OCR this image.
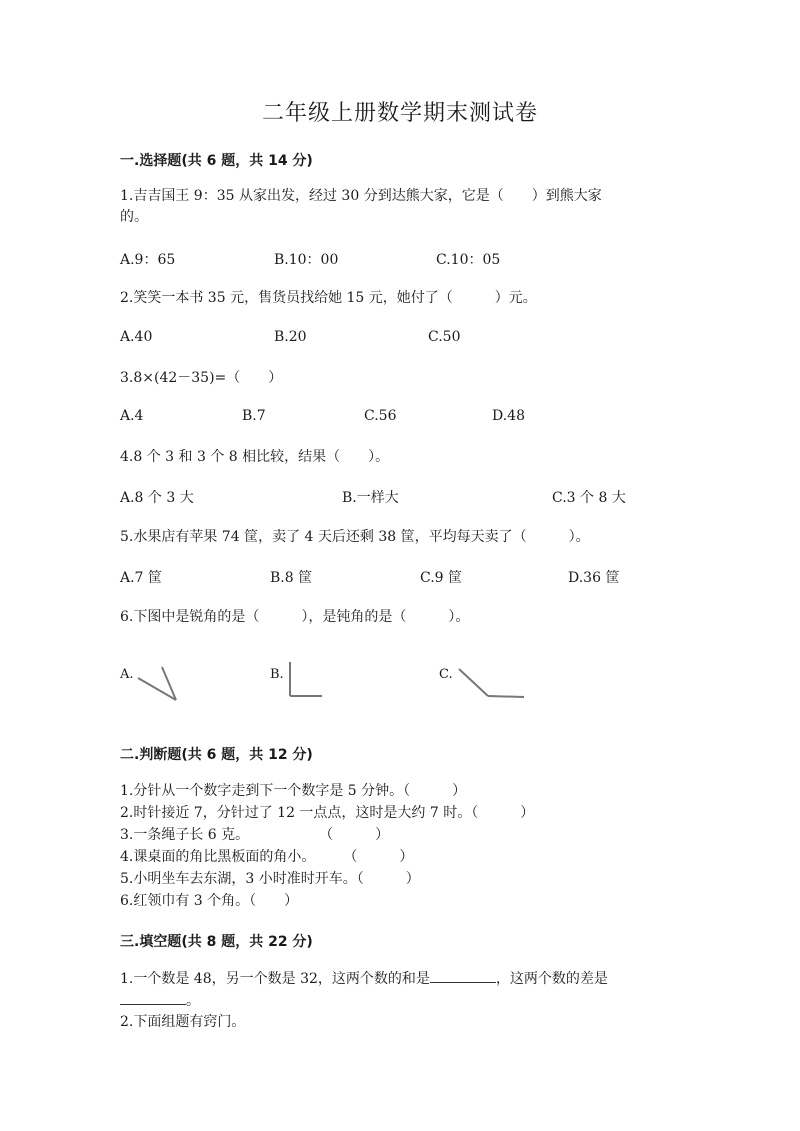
二年级上册数学期末测试卷
一.选择题(共 6 题，共 14 分)
1.吉吉国王 9：35 从家出发，经过 30 分到达熊大家，它是（　　）到熊大家
的。
A.9：65	B.10：00	C.10：05
2.笑笑一本书 35 元，售货员找给她 15 元，她付了（　　　）元。
A.40	B.20	C.50
3.8×(42－35)=（　　）
A.4	B.7	C.56	D.48
4.8 个 3 和 3 个 8 相比较，结果（　　）。
A.8 个 3 大	B.一样大	C.3 个 8 大
5.水果店有苹果 74 筐，卖了 4 天后还剩 38 筐，平均每天卖了（　　　）。
A.7 筐	B.8 筐	C.9 筐	D.36 筐
6.下图中是锐角的是（　　　），是钝角的是（　　　）。
A.	B.	C.
二.判断题(共 6 题，共 12 分)
1.分针从一个数字走到下一个数字是 5 分钟。（　　　）
2.时针接近 7，分针过了 12 一点点，这时是大约 7 时。（　　　）
3.一条绳子长 6 克。　　　　　　（　　　）
4.课桌面的角比黑板面的角小。　　　（　　　）
5.小明坐车去东湖，3 小时准时开车。（　　　）
6.红领巾有 3 个角。（　　）
三.填空题(共 8 题，共 22 分)
1.一个数是 48，另一个数是 32，这两个数的和是	，这两个数的差是
。
2.下面组题有窍门。
